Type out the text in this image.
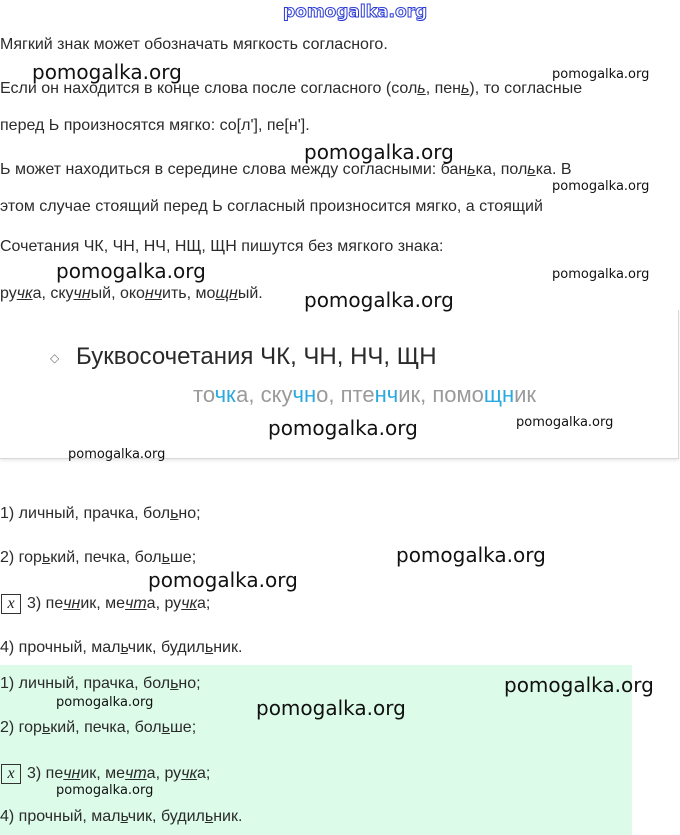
pomogalka.org
Мягкий знак может обозначать мягкость согласного.
Если он находится в конце слова после согласного (соль, пень), то согласные
перед Ь произносятся мягко: со[л'], пе[н'].
Ь может находиться в середине слова между согласными: банька, полька. В
этом случае стоящий перед Ь согласный произносится мягко, а стоящий
Сочетания ЧК, ЧН, НЧ, НЩ, ЩН пишутся без мягкого знака:
ручка, скучный, окончить, мощный.
◇ Буквосочетания ЧК, ЧН, НЧ, ЩН
точка, скучно, птенчик, помощник
1) личный, прачка, больно;
2) горький, печка, больше;
x 3) печник, мечта, ручка;
4) прочный, мальчик, будильник.
1) личный, прачка, больно;
2) горький, печка, больше;
x 3) печник, мечта, ручка;
4) прочный, мальчик, будильник.
pomogalka.org	pomogalka.org
pomogalka.org
pomogalka.org
pomogalka.org	pomogalka.org
pomogalka.org
pomogalka.org	pomogalka.org
pomogalka.org
pomogalka.org
pomogalka.org
pomogalka.org
pomogalka.org	pomogalka.org
pomogalka.org
